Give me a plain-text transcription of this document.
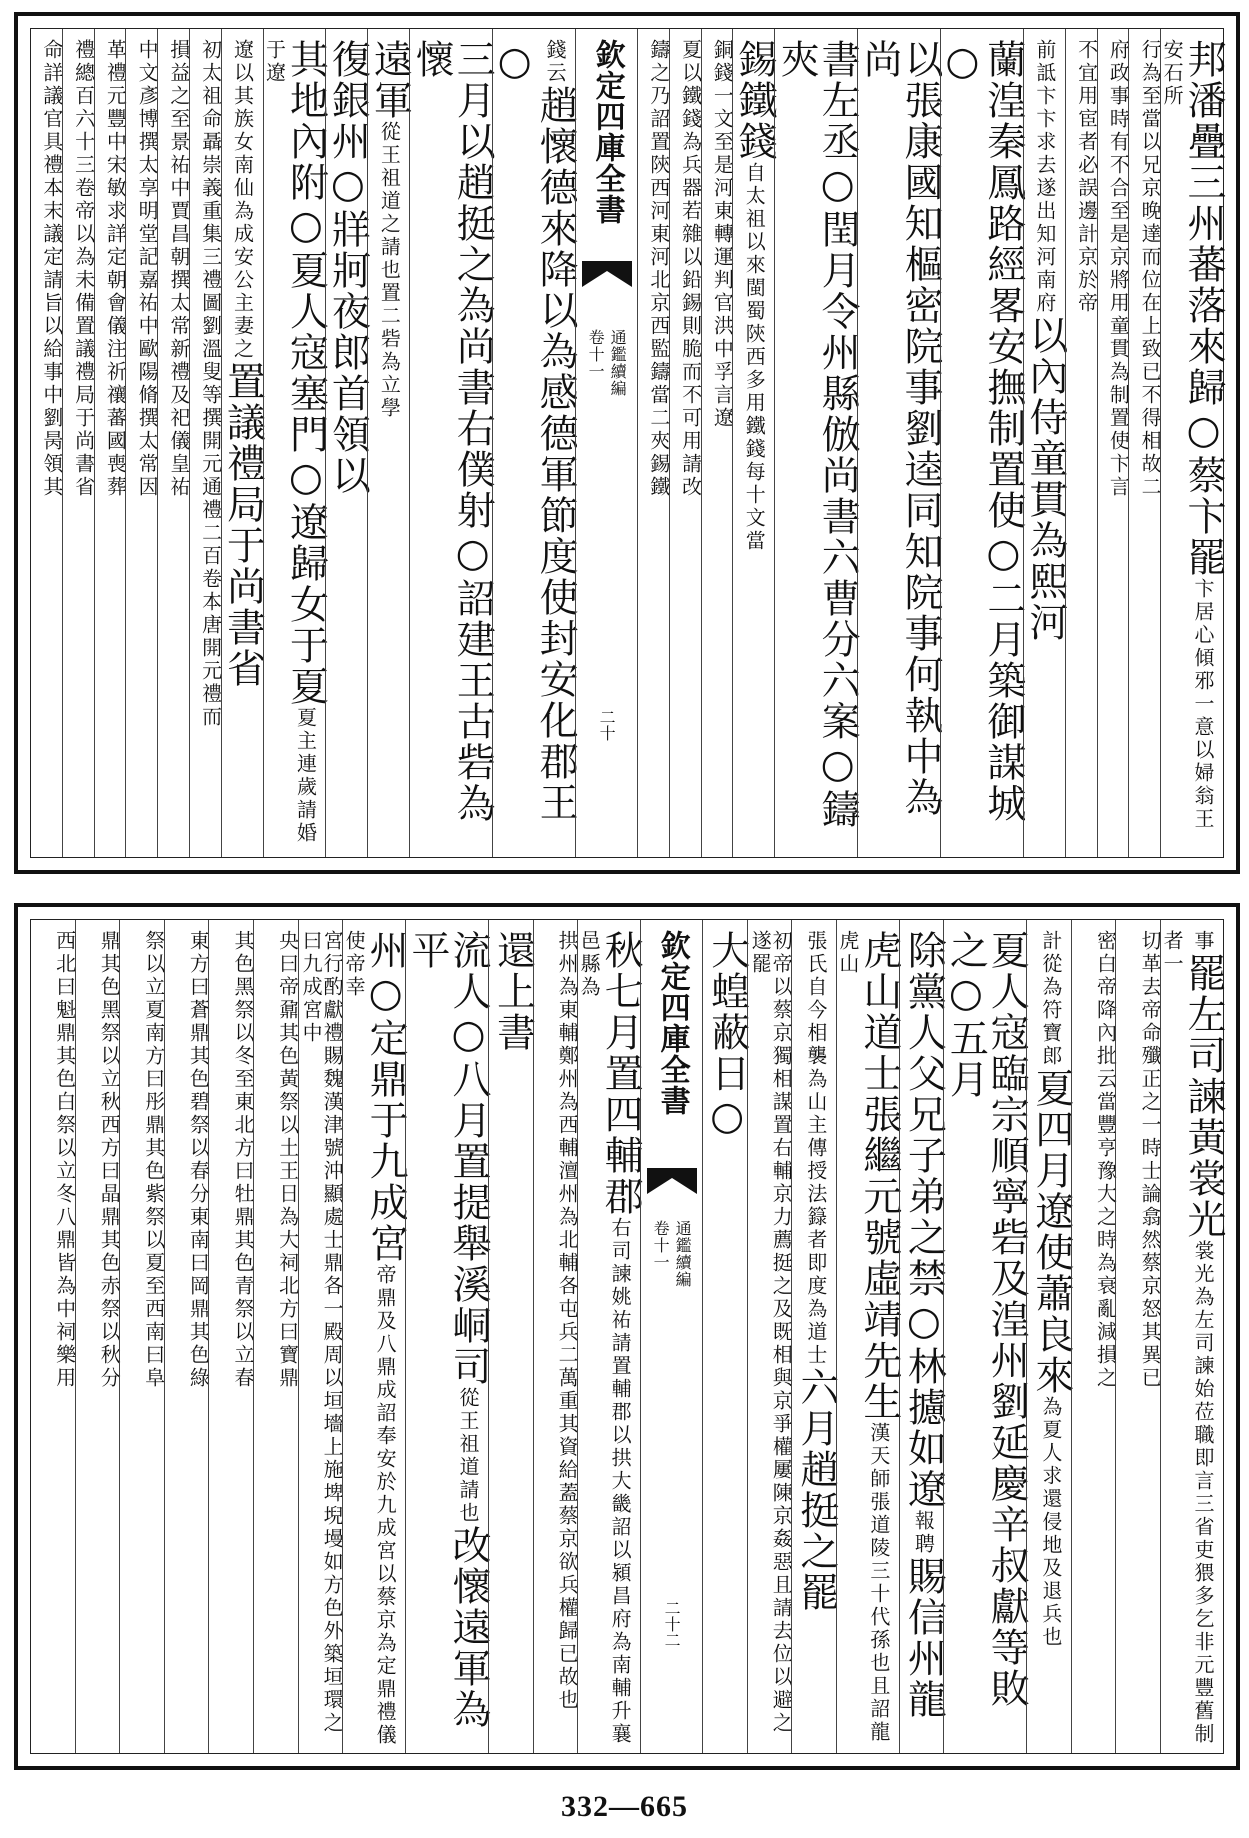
邦潘疊三州蕃落來歸○蔡卞罷卞居心傾邪一意以婦翁王安石所
行為至當以兄京晚達而位在上致已不得相故二
府政事時有不合至是京將用童貫為制置使卞言
不宜用宦者必誤邊計京於帝
前詆卞卞求去遂出知河南府以內侍童貫為熙河
蘭湟秦鳳路經畧安撫制置使○二月築御謀城○
以張康國知樞密院事劉逵同知院事何執中為尚
書左丞○閏月令州縣倣尚書六曹分六案○鑄夾
錫鐵錢自太祖以來閩蜀陝西多用鐵錢每十文當
銅錢一文至是河東轉運判官洪中孚言遼
夏以鐵錢為兵器若雜以鉛錫則脆而不可用請改
鑄之乃詔置陝西河東河北京西監鑄當二夾錫鐵
欽定四庫全書
通鑑續編
卷十一
二十
錢云趙懷德來降以為感德軍節度使封安化郡王○
三月以趙挺之為尚書右僕射○詔建王古砦為懷
遠軍從王祖道之請也置二砦為立學
復銀州○牂牁夜郎首領以
其地內附○夏人寇塞門○遼歸女于夏夏主連歲請婚于遼
遼以其族女南仙為成安公主妻之置議禮局于尚書省
初太祖命聶崇義重集三禮圖劉溫叟等撰開元通禮二百卷本唐開元禮而
損益之至景祐中賈昌朝撰太常新禮及祀儀皇祐
中文彥博撰太享明堂記嘉祐中歐陽脩撰太常因
革禮元豐中宋敏求詳定朝會儀注祈禳蕃國喪葬
禮總百六十三卷帝以為未備置議禮局于尚書省
命詳議官具禮本末議定請旨以給事中劉昺領其
事罷左司諫黃裳光裳光為左司諫始莅職即言三省吏猥多乞非元豐舊制者一
切革去帝命殲正之一時士論翕然蔡京怒其異已
密白帝降內批云當豐亨豫大之時為衰亂減損之
計從為符寶郎夏四月遼使蕭良來為夏人求還侵地及退兵也
夏人寇臨宗順寧砦及湟州劉延慶辛叔獻等敗之○五月
除黨人父兄子弟之禁○林攄如遼報聘賜信州龍
虎山道士張繼元號虛靖先生漢天師張道陵三十代孫也且詔龍虎山
張氏自今相襲為山主傳授法籙者即度為道士六月趙挺之罷
初帝以蔡京獨相謀置右輔京力薦挺之及既相與京爭權屢陳京姦惡且請去位以避之遂罷
大蝗蔽日○
欽定四庫全書
通鑑續編
卷十一
二十二
秋七月置四輔郡右司諫姚祐請置輔郡以拱大畿詔以潁昌府為南輔升襄邑縣為
拱州為東輔鄭州為西輔澶州為北輔各屯兵二萬重其資給蓋蔡京欲兵權歸已故也
還上書
流人○八月置提舉溪峒司從王祖道請也改懷遠軍為平
州○定鼎于九成宮帝鼎及八鼎成詔奉安於九成宮以蔡京為定鼎禮儀使帝幸
宮行酌獻禮賜魏漢津號沖顯處士鼎各一殿周以垣墻上施埤堄墁如方色外築垣環之曰九成宮中
央曰帝鼐其色黃祭以土王日為大祠北方曰寶鼎
其色黑祭以冬至東北方曰牡鼎其色青祭以立春
東方曰蒼鼎其色碧祭以春分東南曰岡鼎其色綠
祭以立夏南方曰彤鼎其色紫祭以夏至西南曰阜
鼎其色黑祭以立秋西方曰晶鼎其色赤祭以秋分
西北曰魁鼎其色白祭以立冬八鼎皆為中祠樂用
332—665
